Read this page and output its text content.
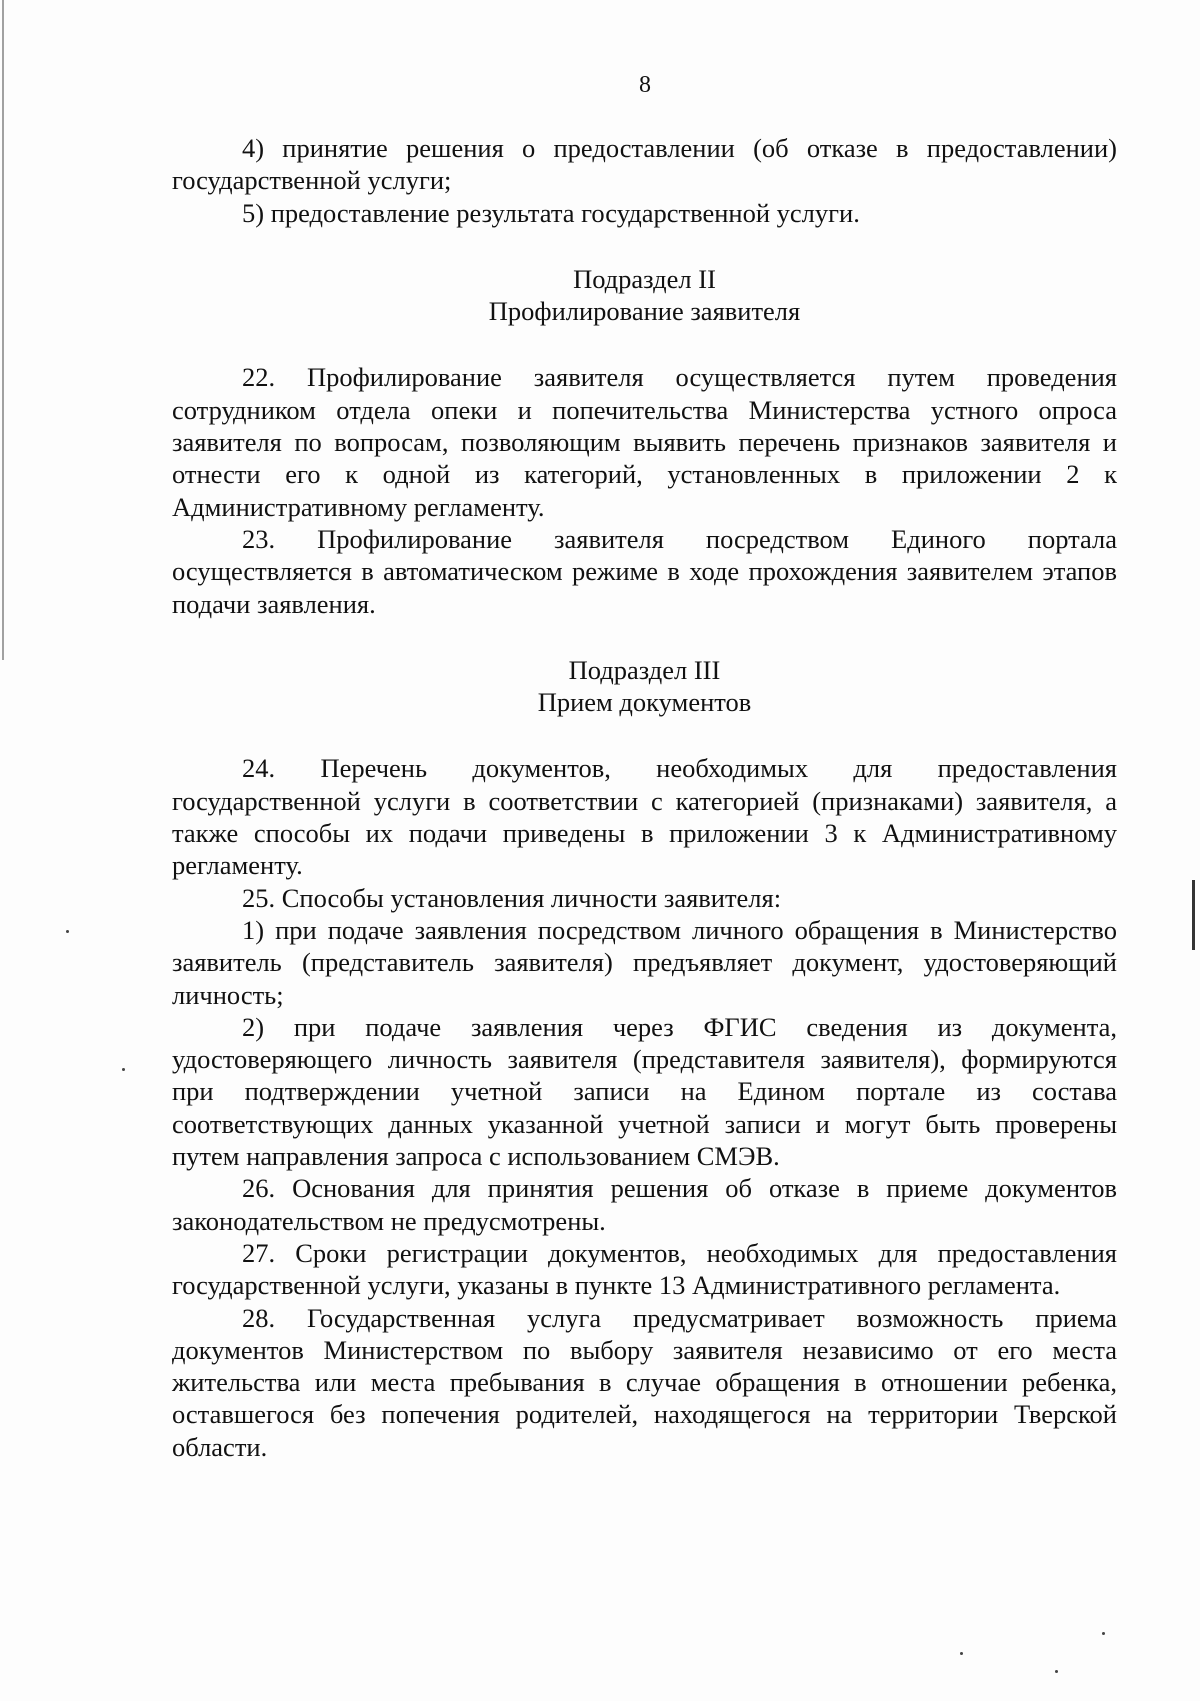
8

4) принятие решения о предоставлении (об отказе в предоставлении) государственной услуги;

5) предоставление результата государственной услуги.

Подраздел II

Профилирование заявителя

22. Профилирование заявителя осуществляется путем проведения сотрудником отдела опеки и попечительства Министерства устного опроса заявителя по вопросам, позволяющим выявить перечень признаков заявителя и отнести его к одной из категорий, установленных в приложении 2 к Административному регламенту.

23. Профилирование заявителя посредством Единого портала осуществляется в автоматическом режиме в ходе прохождения заявителем этапов подачи заявления.

Подраздел III

Прием документов

24. Перечень документов, необходимых для предоставления государственной услуги в соответствии с категорией (признаками) заявителя, а также способы их подачи приведены в приложении 3 к Административному регламенту.

25. Способы установления личности заявителя:

1) при подаче заявления посредством личного обращения в Министерство заявитель (представитель заявителя) предъявляет документ, удостоверяющий личность;

2) при подаче заявления через ФГИС сведения из документа, удостоверяющего личность заявителя (представителя заявителя), формируются при подтверждении учетной записи на Едином портале из состава соответствующих данных указанной учетной записи и могут быть проверены путем направления запроса с использованием СМЭВ.

26. Основания для принятия решения об отказе в приеме документов законодательством не предусмотрены.

27. Сроки регистрации документов, необходимых для предоставления государственной услуги, указаны в пункте 13 Административного регламента.

28. Государственная услуга предусматривает возможность приема документов Министерством по выбору заявителя независимо от его места жительства или места пребывания в случае обращения в отношении ребенка, оставшегося без попечения родителей, находящегося на территории Тверской области.
